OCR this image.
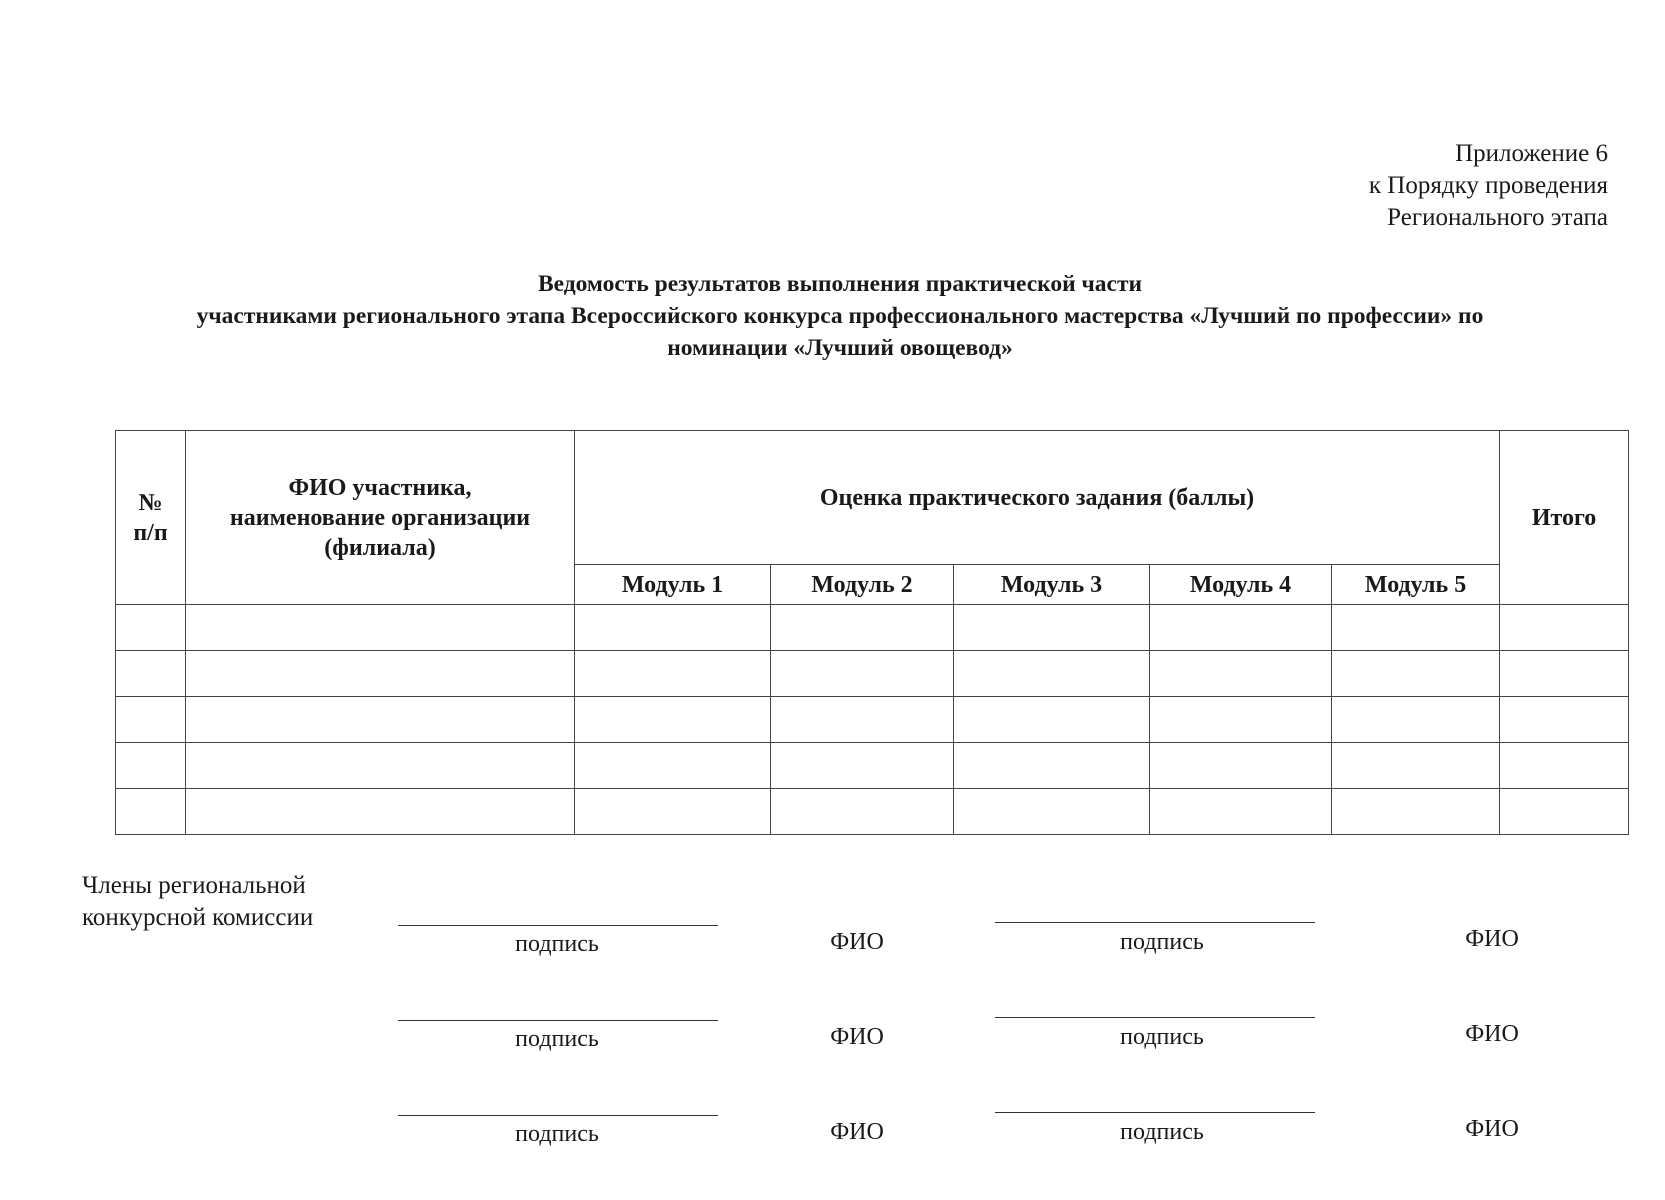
Приложение 6
к Порядку проведения
Регионального этапа
Ведомость результатов выполнения практической части
участниками регионального этапа Всероссийского конкурса профессионального мастерства «Лучший по профессии» по
номинации «Лучший овощевод»
№ п/п	ФИО участника, наименование организации (филиала)	Оценка практического задания (баллы)					Итого
		Модуль 1	Модуль 2	Модуль 3	Модуль 4	Модуль 5	

Члены региональной
конкурсной комиссии
подпись	ФИО	подпись	ФИО
подпись	ФИО	подпись	ФИО
подпись	ФИО	подпись	ФИО
